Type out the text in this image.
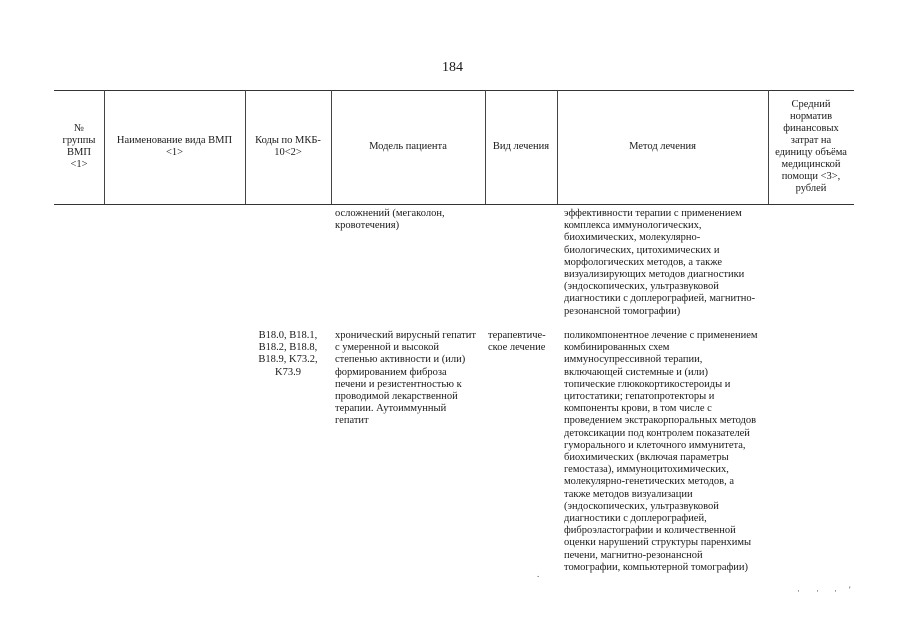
184
№
группы
ВМП
<1>
Наименование вида ВМП
<1>
Коды по МКБ-
10<2>
Модель пациента	Вид лечения	Метод лечения
Средний
норматив
финансовых
затрат на
единицу объёма
медицинской
помощи <3>,
рублей
осложнений (мегаколон,
кровотечения)
эффективности терапии с применением
комплекса иммунологических,
биохимических, молекулярно-
биологических, цитохимических и
морфологических методов, а также
визуализирующих методов диагностики
(эндоскопических, ультразвуковой
диагностики с доплерографией, магнитно-
резонансной томографии)
B18.0, B18.1,
B18.2, B18.8,
B18.9, K73.2,
K73.9
хронический вирусный гепатит
с умеренной и высокой
степенью активности и (или)
формированием фиброза
печени и резистентностью к
проводимой лекарственной
терапии. Аутоиммунный
гепатит
терапевтиче-
ское лечение
поликомпонентное лечение с применением
комбинированных схем
иммуносупрессивной терапии,
включающей системные и (или)
топические глюкокортикостероиды и
цитостатики; гепатопротекторы и
компоненты крови, в том числе с
проведением экстракорпоральных методов
детоксикации под контролем показателей
гуморального и клеточного иммунитета,
биохимических (включая параметры
гемостаза), иммуноцитохимических,
молекулярно-генетических методов, а
также методов визуализации
(эндоскопических, ультразвуковой
диагностики с доплерографией,
фиброэластографии и количественной
оценки нарушений структуры паренхимы
печени, магнитно-резонансной
томографии, компьютерной томографии)
.
· · · '
